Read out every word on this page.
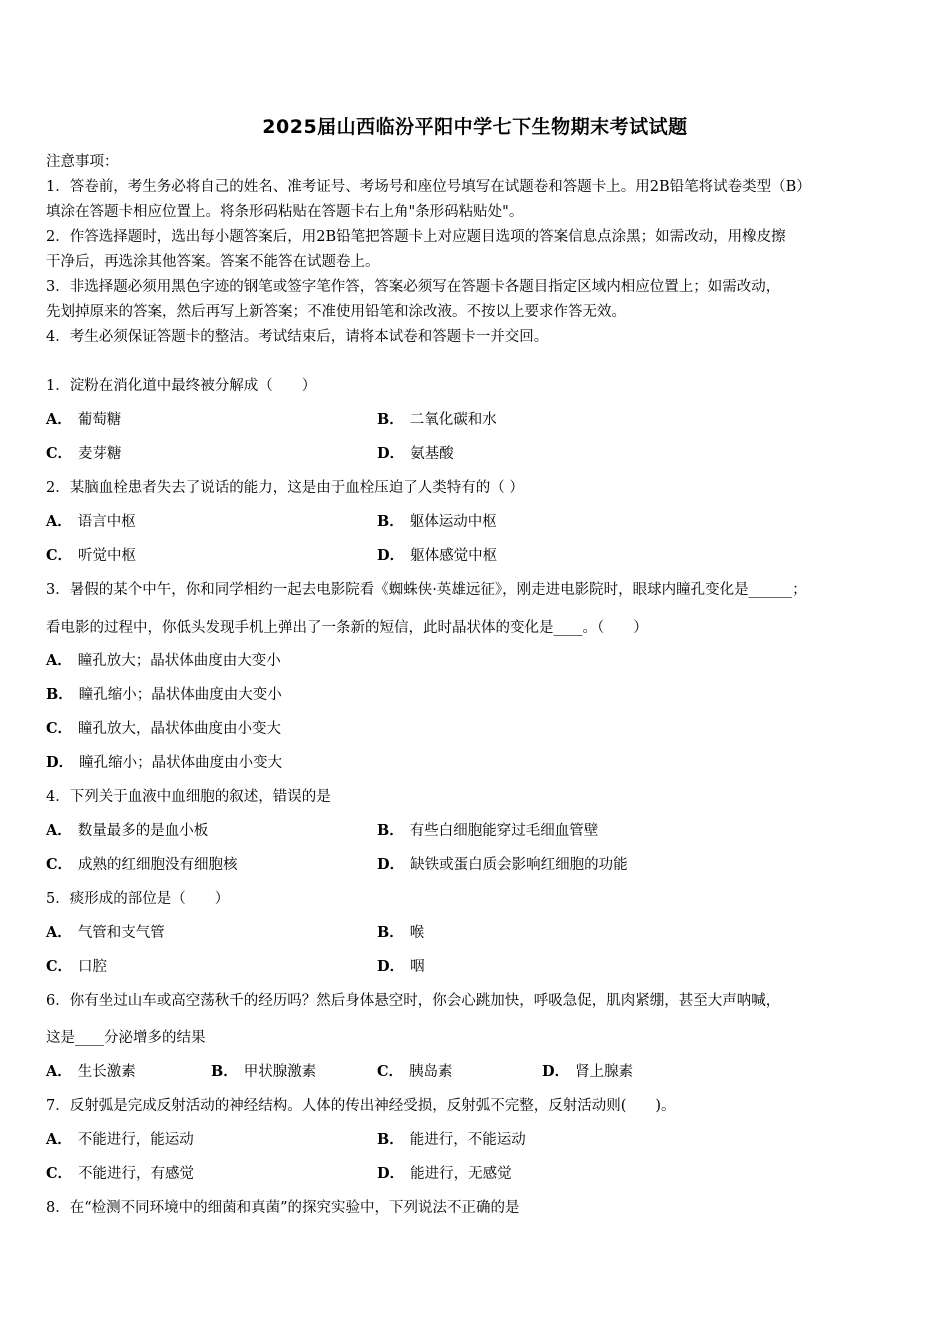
2025届山西临汾平阳中学七下生物期末考试试题
注意事项：
1．答卷前，考生务必将自己的姓名、准考证号、考场号和座位号填写在试题卷和答题卡上。用2B铅笔将试卷类型（B）
填涂在答题卡相应位置上。将条形码粘贴在答题卡右上角"条形码粘贴处"。
2．作答选择题时，选出每小题答案后，用2B铅笔把答题卡上对应题目选项的答案信息点涂黑；如需改动，用橡皮擦
干净后，再选涂其他答案。答案不能答在试题卷上。
3．非选择题必须用黑色字迹的钢笔或签字笔作答，答案必须写在答题卡各题目指定区域内相应位置上；如需改动，
先划掉原来的答案，然后再写上新答案；不准使用铅笔和涂改液。不按以上要求作答无效。
4．考生必须保证答题卡的整洁。考试结束后，请将本试卷和答题卡一并交回。
1．淀粉在消化道中最终被分解成（　　）
A． 葡萄糖	B． 二氧化碳和水
C． 麦芽糖	D． 氨基酸
2．某脑血栓患者失去了说话的能力，这是由于血栓压迫了人类特有的（ ）
A． 语言中枢	B． 躯体运动中枢
C． 听觉中枢	D． 躯体感觉中枢
3．暑假的某个中午，你和同学相约一起去电影院看《蜘蛛侠·英雄远征》，刚走进电影院时，眼球内瞳孔变化是______；
看电影的过程中，你低头发现手机上弹出了一条新的短信，此时晶状体的变化是____。（　　）
A． 瞳孔放大；晶状体曲度由大变小
B． 瞳孔缩小；晶状体曲度由大变小
C． 瞳孔放大，晶状体曲度由小变大
D． 瞳孔缩小；晶状体曲度由小变大
4．下列关于血液中血细胞的叙述，错误的是
A． 数量最多的是血小板	B． 有些白细胞能穿过毛细血管壁
C． 成熟的红细胞没有细胞核	D． 缺铁或蛋白质会影响红细胞的功能
5．痰形成的部位是（　　）
A． 气管和支气管	B． 喉
C． 口腔	D． 咽
6．你有坐过山车或高空荡秋千的经历吗？然后身体悬空时，你会心跳加快，呼吸急促，肌肉紧绷，甚至大声呐喊，
这是____分泌增多的结果
A． 生长激素	B． 甲状腺激素	C． 胰岛素	D． 肾上腺素
7．反射弧是完成反射活动的神经结构。人体的传出神经受损，反射弧不完整，反射活动则(　　)。
A． 不能进行，能运动	B． 能进行，不能运动
C． 不能进行，有感觉	D． 能进行，无感觉
8．在“检测不同环境中的细菌和真菌”的探究实验中，下列说法不正确的是
